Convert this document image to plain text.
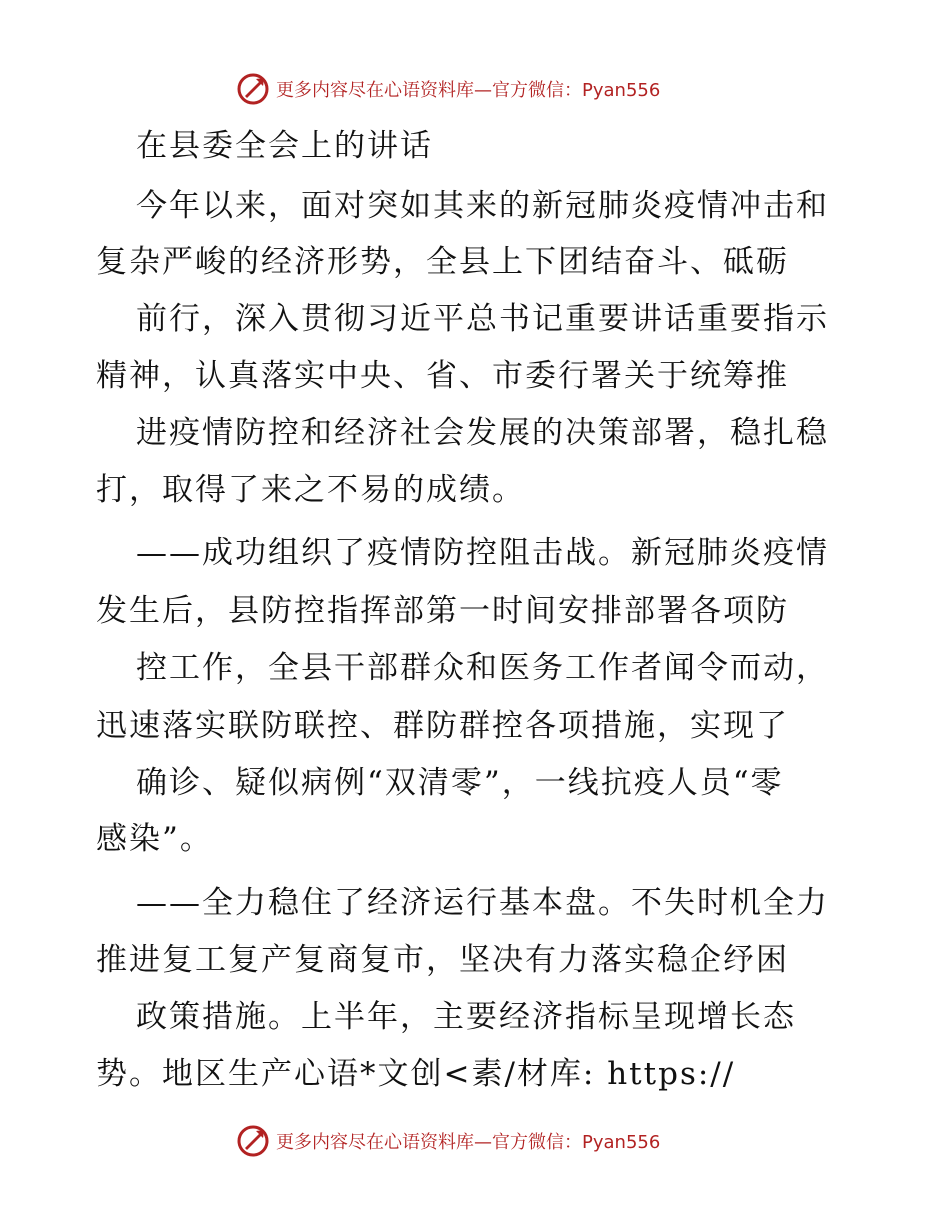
更多内容尽在心语资料库—官方微信：Pyan556
在县委全会上的讲话
今年以来，面对突如其来的新冠肺炎疫情冲击和
复杂严峻的经济形势，全县上下团结奋斗、砥砺
前行，深入贯彻习近平总书记重要讲话重要指示
精神，认真落实中央、省、市委行署关于统筹推
进疫情防控和经济社会发展的决策部署，稳扎稳
打，取得了来之不易的成绩。
——成功组织了疫情防控阻击战。新冠肺炎疫情
发生后，县防控指挥部第一时间安排部署各项防
控工作，全县干部群众和医务工作者闻令而动，
迅速落实联防联控、群防群控各项措施，实现了
确诊、疑似病例“双清零”，一线抗疫人员“零
感染”。
——全力稳住了经济运行基本盘。不失时机全力
推进复工复产复商复市，坚决有力落实稳企纾困
政策措施。上半年，主要经济指标呈现增长态
势。地区生产心语*文创<素/材库: https://
更多内容尽在心语资料库—官方微信：Pyan556
